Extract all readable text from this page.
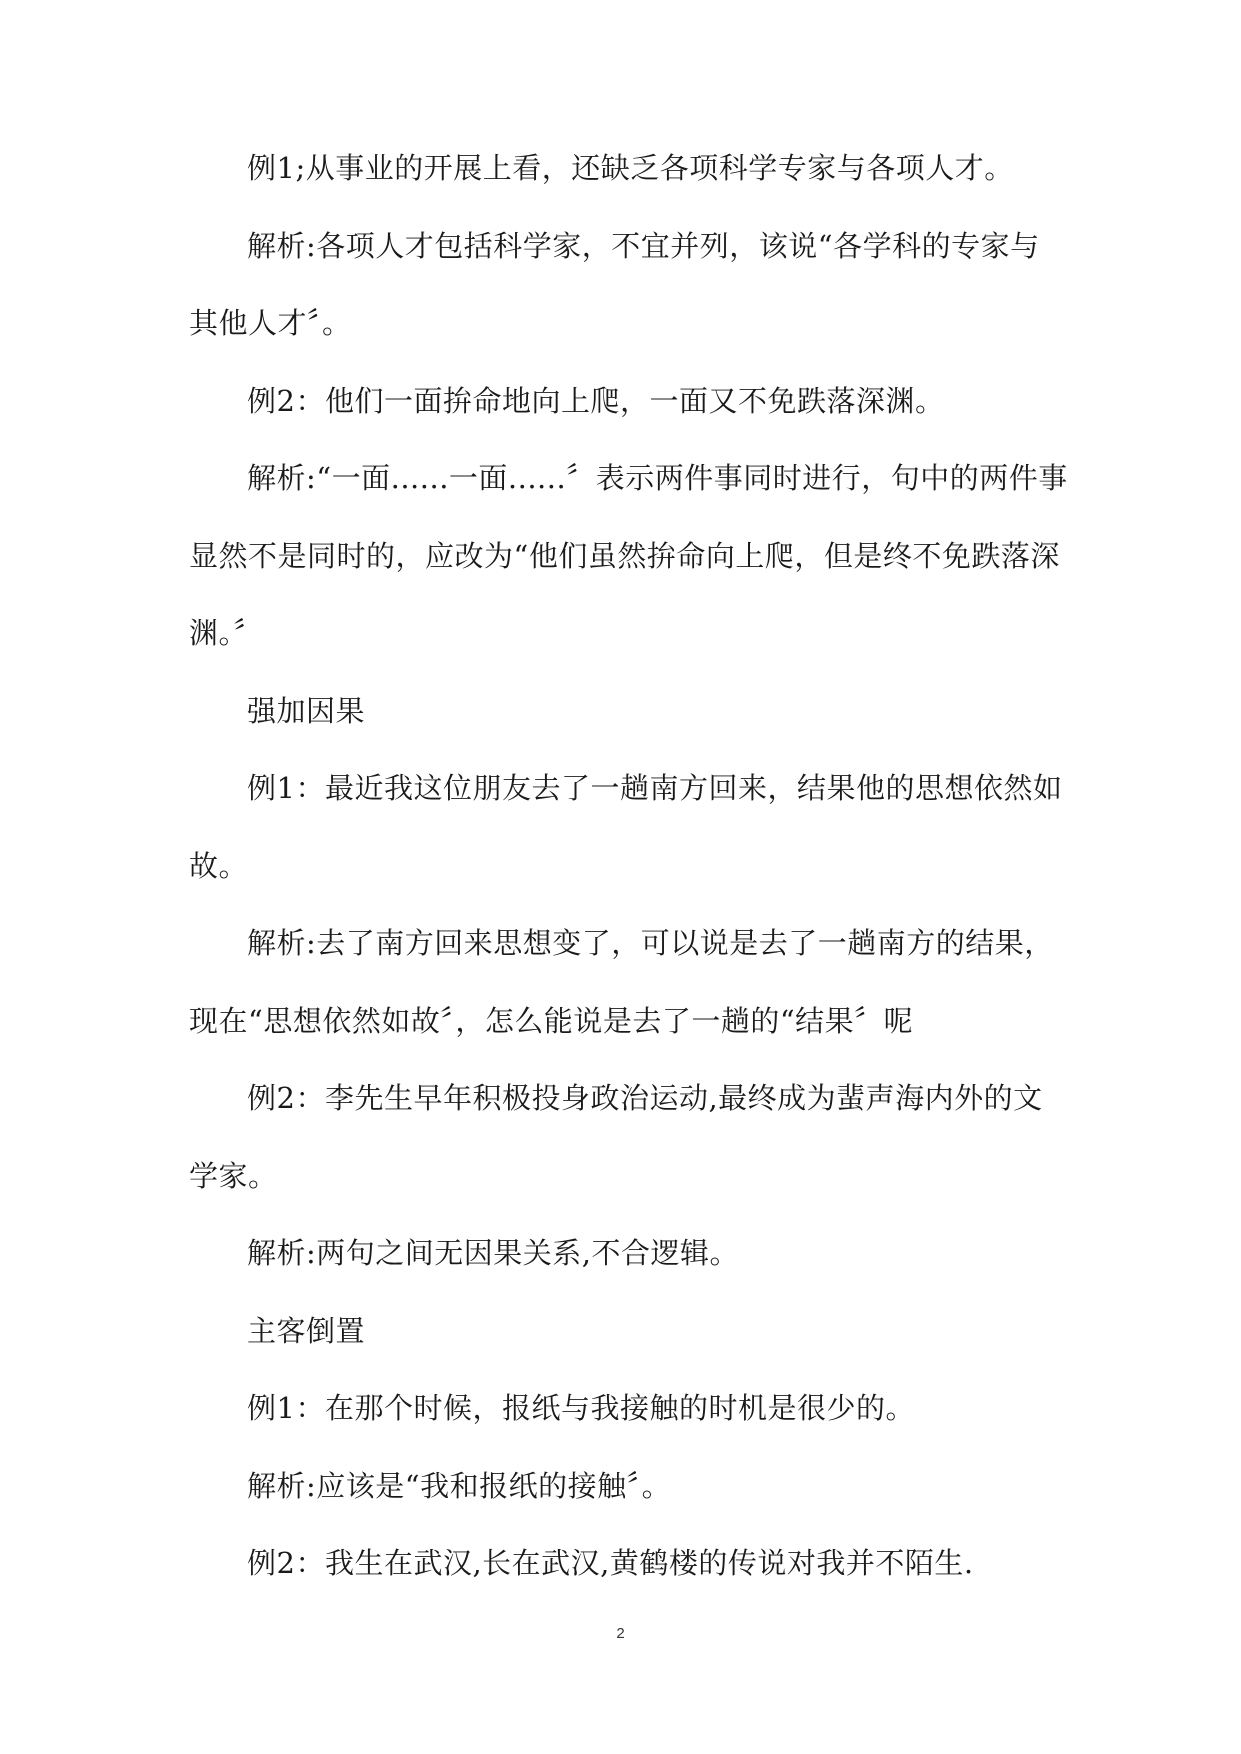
例1;从事业的开展上看，还缺乏各项科学专家与各项人才。
解析:各项人才包括科学家，不宜并列，该说“各学科的专家与
其他人才〞。
例2：他们一面拚命地向上爬，一面又不免跌落深渊。
解析:“一面......一面......〞表示两件事同时进行，句中的两件事
显然不是同时的，应改为“他们虽然拚命向上爬，但是终不免跌落深
渊。〞
强加因果
例1：最近我这位朋友去了一趟南方回来，结果他的思想依然如
故。
解析:去了南方回来思想变了，可以说是去了一趟南方的结果，
现在“思想依然如故〞，怎么能说是去了一趟的“结果〞呢
例2：李先生早年积极投身政治运动,最终成为蜚声海内外的文
学家。
解析:两句之间无因果关系,不合逻辑。
主客倒置
例1：在那个时候，报纸与我接触的时机是很少的。
解析:应该是“我和报纸的接触〞。
例2：我生在武汉,长在武汉,黄鹤楼的传说对我并不陌生.
2
